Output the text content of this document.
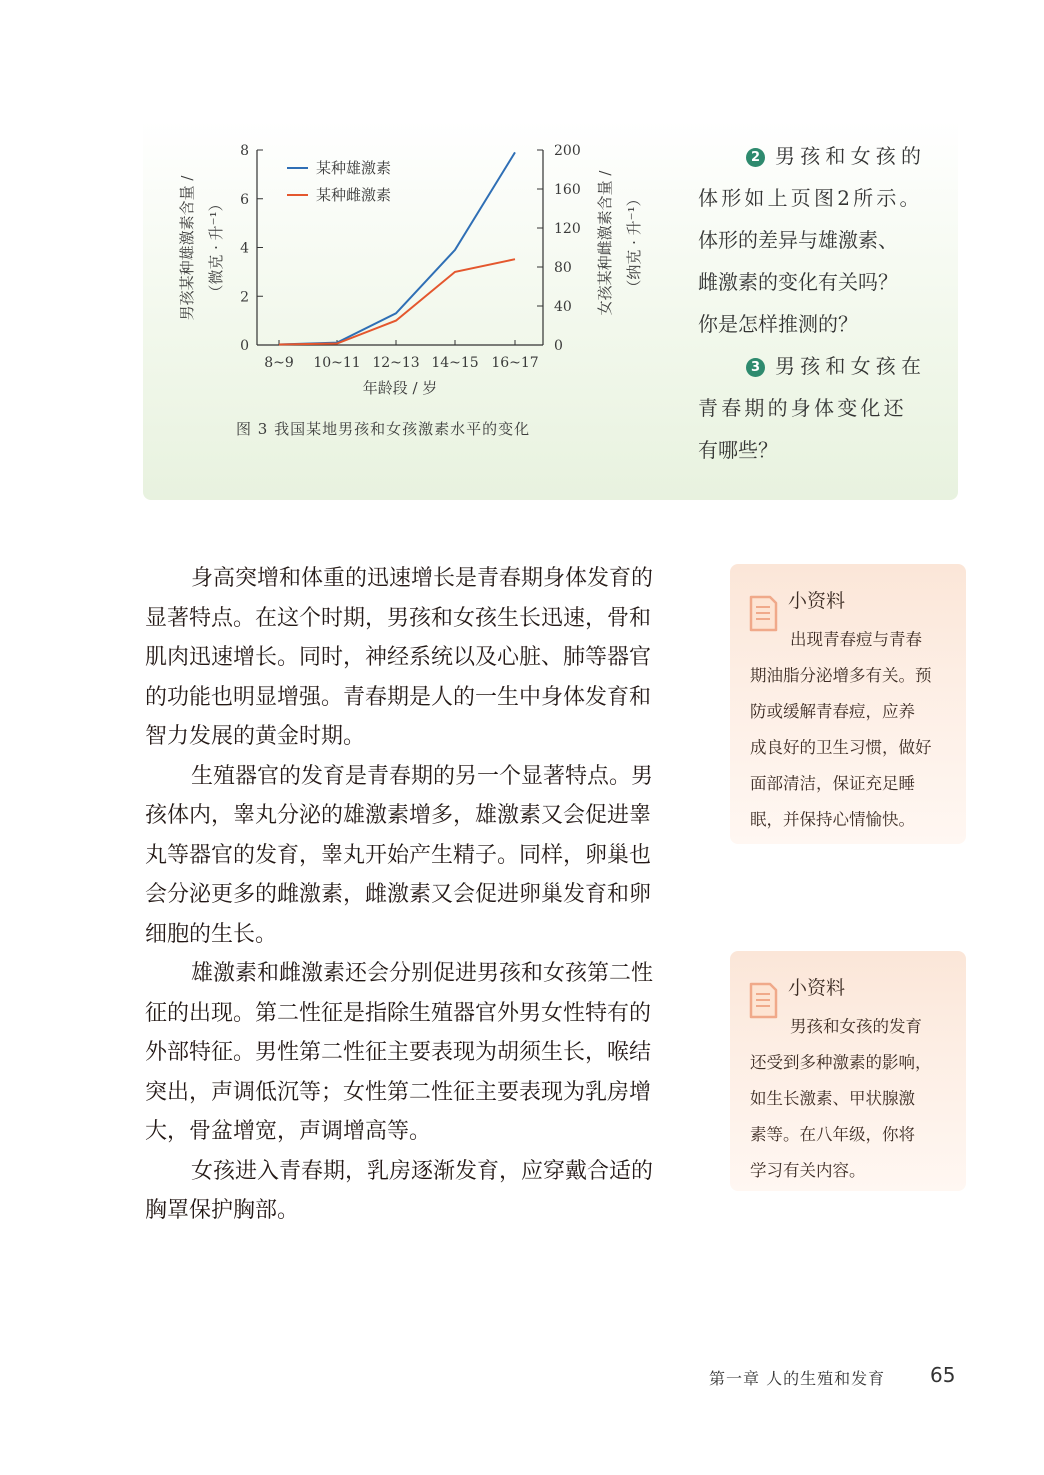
0
2
4
6
8
0
40
80
120
160
200
8~9 10~11 12~13 14~15 16~17
年龄段 / 岁
男孩某种雄激素含量 / （微克 · 升⁻¹）	女孩某种雌激素含量 / （纳克 · 升⁻¹）
某种雄激素
某种雌激素
图 3 我国某地男孩和女孩激素水平的变化
2 男孩和女孩的
体形如上页图2所示。
体形的差异与雄激素、
雌激素的变化有关吗？
你是怎样推测的？
3 男孩和女孩在
青春期的身体变化还
有哪些？
身高突增和体重的迅速增长是青春期身体发育的
显著特点。在这个时期，男孩和女孩生长迅速，骨和
肌肉迅速增长。同时，神经系统以及心脏、肺等器官
的功能也明显增强。青春期是人的一生中身体发育和
智力发展的黄金时期。
生殖器官的发育是青春期的另一个显著特点。男
孩体内，睾丸分泌的雄激素增多，雄激素又会促进睾
丸等器官的发育，睾丸开始产生精子。同样，卵巢也
会分泌更多的雌激素，雌激素又会促进卵巢发育和卵
细胞的生长。
雄激素和雌激素还会分别促进男孩和女孩第二性
征的出现。第二性征是指除生殖器官外男女性特有的
外部特征。男性第二性征主要表现为胡须生长，喉结
突出，声调低沉等；女性第二性征主要表现为乳房增
大，骨盆增宽，声调增高等。
女孩进入青春期，乳房逐渐发育，应穿戴合适的
胸罩保护胸部。
小资料
出现青春痘与青春
期油脂分泌增多有关。预
防或缓解青春痘，应养
成良好的卫生习惯，做好
面部清洁，保证充足睡
眠，并保持心情愉快。
小资料
男孩和女孩的发育
还受到多种激素的影响，
如生长激素、甲状腺激
素等。在八年级，你将
学习有关内容。
第一章 人的生殖和发育 65
